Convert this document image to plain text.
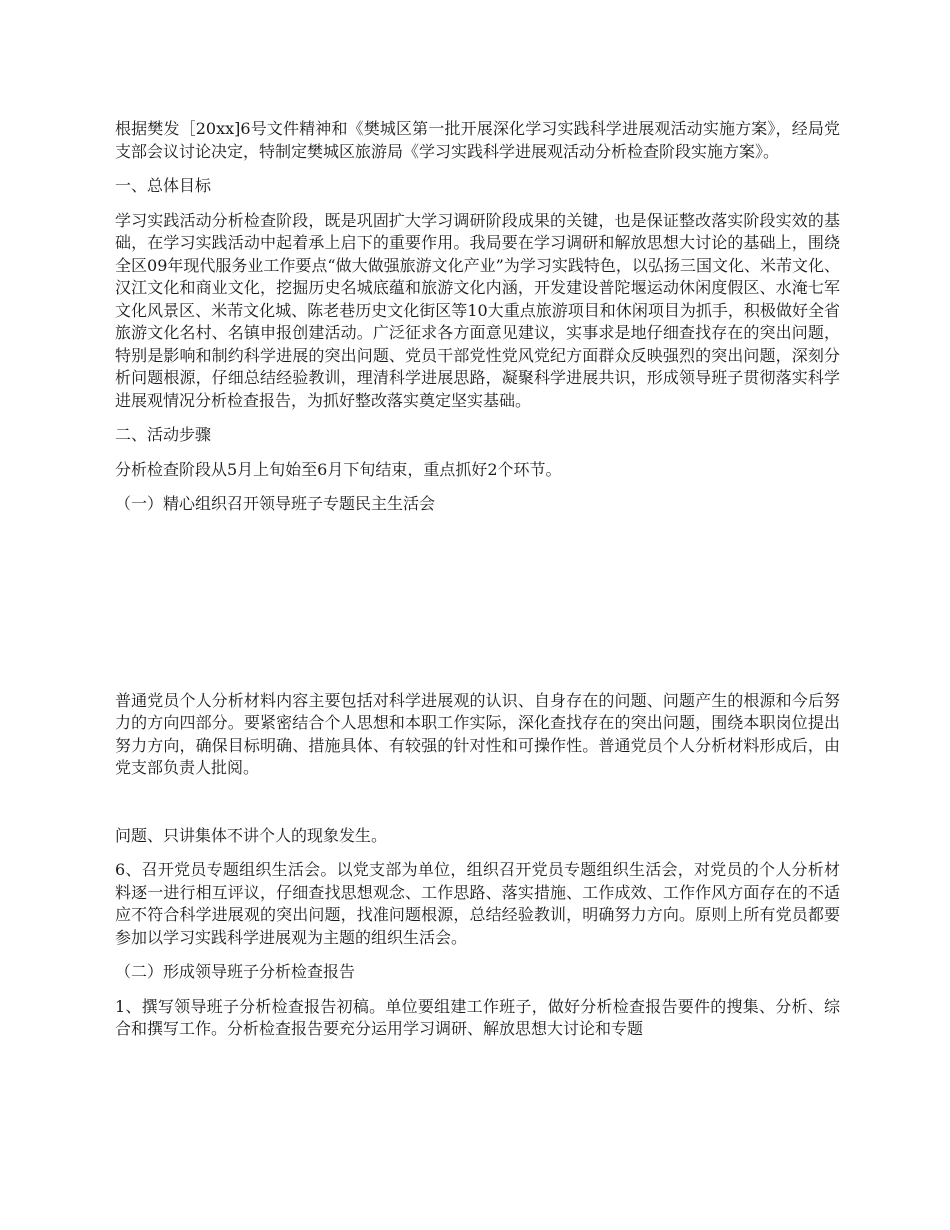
根据樊发［20xx]6号文件精神和《樊城区第一批开展深化学习实践科学进展观活动实施方案》，经局党支部会议讨论决定，特制定樊城区旅游局《学习实践科学进展观活动分析检查阶段实施方案》。

一、总体目标

学习实践活动分析检查阶段，既是巩固扩大学习调研阶段成果的关键，也是保证整改落实阶段实效的基础，在学习实践活动中起着承上启下的重要作用。我局要在学习调研和解放思想大讨论的基础上，围绕全区09年现代服务业工作要点“做大做强旅游文化产业”为学习实践特色，以弘扬三国文化、米芾文化、汉江文化和商业文化，挖掘历史名城底蕴和旅游文化内涵，开发建设普陀堰运动休闲度假区、水淹七军文化风景区、米芾文化城、陈老巷历史文化街区等10大重点旅游项目和休闲项目为抓手，积极做好全省旅游文化名村、名镇申报创建活动。广泛征求各方面意见建议，实事求是地仔细查找存在的突出问题，特别是影响和制约科学进展的突出问题、党员干部党性党风党纪方面群众反映强烈的突出问题，深刻分析问题根源，仔细总结经验教训，理清科学进展思路，凝聚科学进展共识，形成领导班子贯彻落实科学进展观情况分析检查报告，为抓好整改落实奠定坚实基础。

二、活动步骤

分析检查阶段从5月上旬始至6月下旬结束，重点抓好2个环节。

（一）精心组织召开领导班子专题民主生活会

普通党员个人分析材料内容主要包括对科学进展观的认识、自身存在的问题、问题产生的根源和今后努力的方向四部分。要紧密结合个人思想和本职工作实际，深化查找存在的突出问题，围绕本职岗位提出努力方向，确保目标明确、措施具体、有较强的针对性和可操作性。普通党员个人分析材料形成后，由党支部负责人批阅。

问题、只讲集体不讲个人的现象发生。

6、召开党员专题组织生活会。以党支部为单位，组织召开党员专题组织生活会，对党员的个人分析材料逐一进行相互评议，仔细查找思想观念、工作思路、落实措施、工作成效、工作作风方面存在的不适应不符合科学进展观的突出问题，找准问题根源，总结经验教训，明确努力方向。原则上所有党员都要参加以学习实践科学进展观为主题的组织生活会。

（二）形成领导班子分析检查报告

1、撰写领导班子分析检查报告初稿。单位要组建工作班子，做好分析检查报告要件的搜集、分析、综合和撰写工作。分析检查报告要充分运用学习调研、解放思想大讨论和专题
